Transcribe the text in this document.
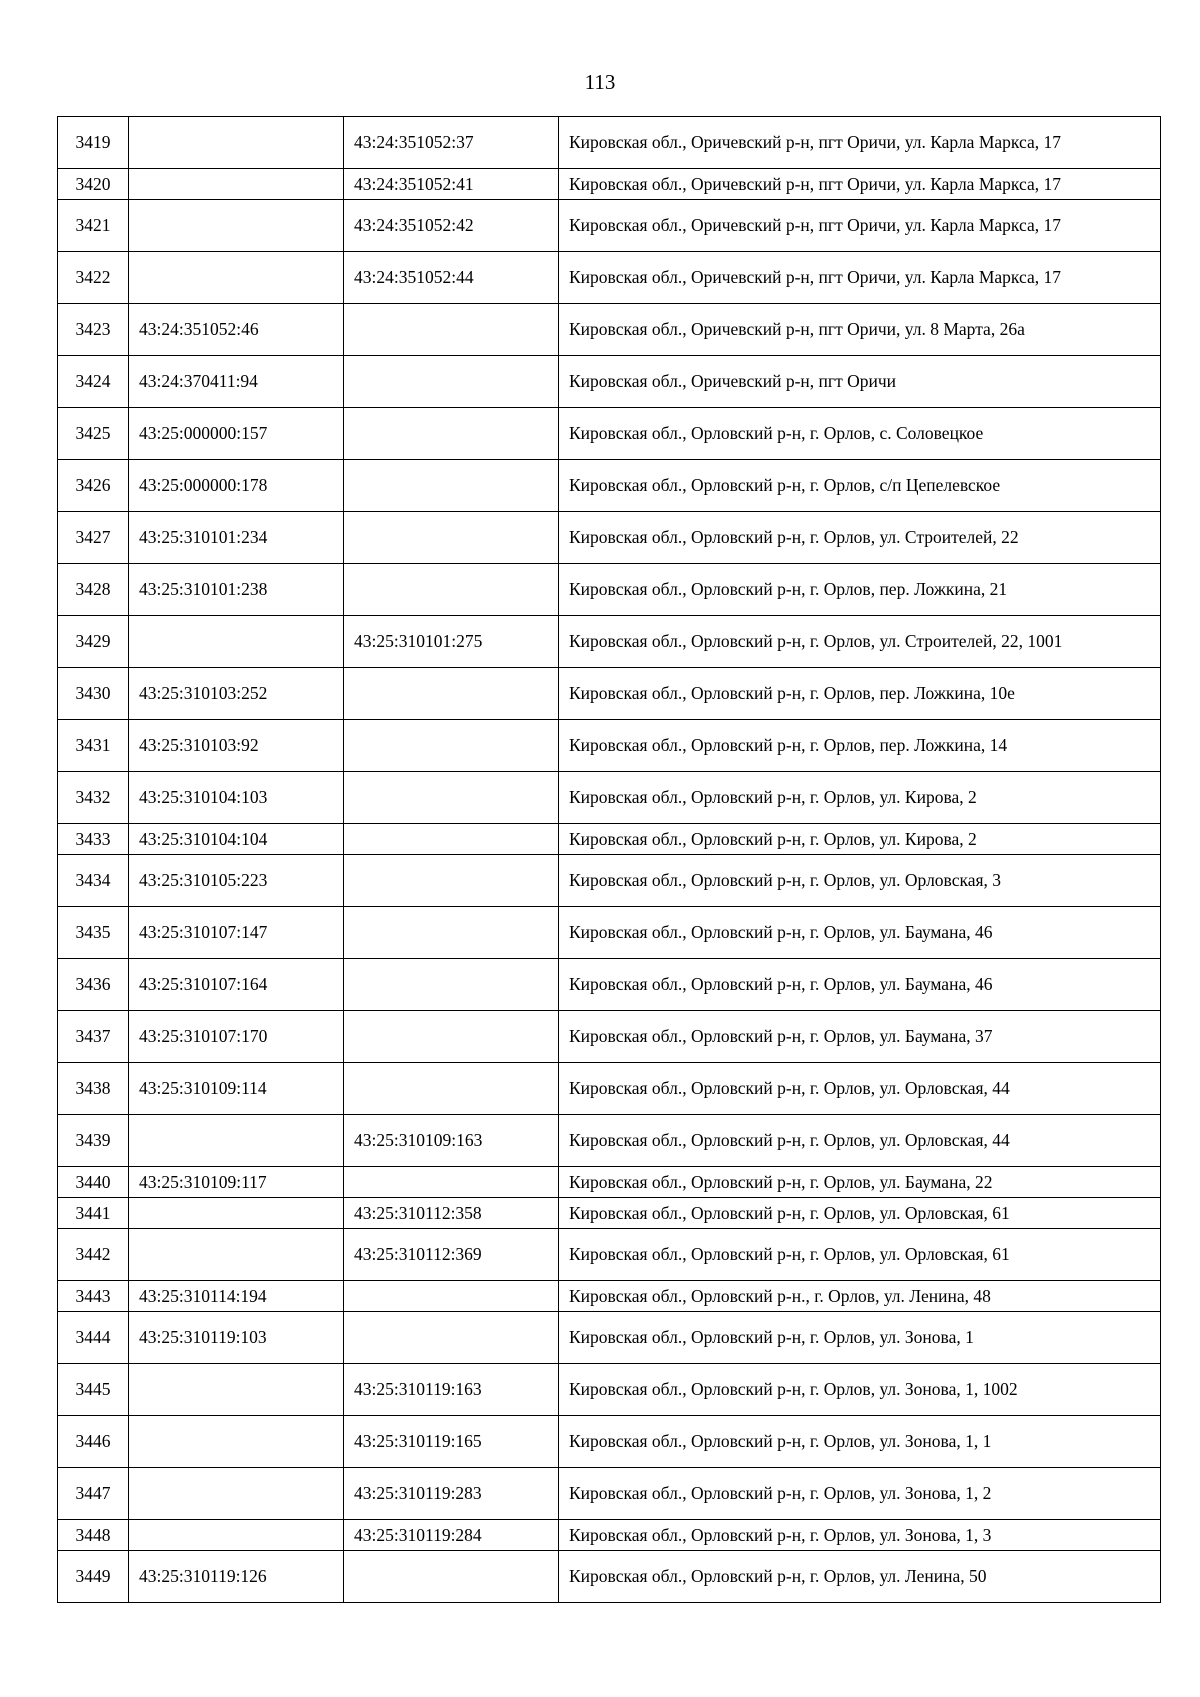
113
3419		43:24:351052:37	Кировская обл., Оричевский р-н, пгт Оричи, ул. Карла Маркса, 17
3420		43:24:351052:41	Кировская обл., Оричевский р-н, пгт Оричи, ул. Карла Маркса, 17
3421		43:24:351052:42	Кировская обл., Оричевский р-н, пгт Оричи, ул. Карла Маркса, 17
3422		43:24:351052:44	Кировская обл., Оричевский р-н, пгт Оричи, ул. Карла Маркса, 17
3423	43:24:351052:46		Кировская обл., Оричевский р-н, пгт Оричи, ул. 8 Марта, 26а
3424	43:24:370411:94		Кировская обл., Оричевский р-н, пгт Оричи
3425	43:25:000000:157		Кировская обл., Орловский р-н, г. Орлов, с. Соловецкое
3426	43:25:000000:178		Кировская обл., Орловский р-н, г. Орлов, с/п Цепелевское
3427	43:25:310101:234		Кировская обл., Орловский р-н, г. Орлов, ул. Строителей, 22
3428	43:25:310101:238		Кировская обл., Орловский р-н, г. Орлов, пер. Ложкина, 21
3429		43:25:310101:275	Кировская обл., Орловский р-н, г. Орлов, ул. Строителей, 22, 1001
3430	43:25:310103:252		Кировская обл., Орловский р-н, г. Орлов, пер. Ложкина, 10е
3431	43:25:310103:92		Кировская обл., Орловский р-н, г. Орлов, пер. Ложкина, 14
3432	43:25:310104:103		Кировская обл., Орловский р-н, г. Орлов, ул. Кирова, 2
3433	43:25:310104:104		Кировская обл., Орловский р-н, г. Орлов, ул. Кирова, 2
3434	43:25:310105:223		Кировская обл., Орловский р-н, г. Орлов, ул. Орловская, 3
3435	43:25:310107:147		Кировская обл., Орловский р-н, г. Орлов, ул. Баумана, 46
3436	43:25:310107:164		Кировская обл., Орловский р-н, г. Орлов, ул. Баумана, 46
3437	43:25:310107:170		Кировская обл., Орловский р-н, г. Орлов, ул. Баумана, 37
3438	43:25:310109:114		Кировская обл., Орловский р-н, г. Орлов, ул. Орловская, 44
3439		43:25:310109:163	Кировская обл., Орловский р-н, г. Орлов, ул. Орловская, 44
3440	43:25:310109:117		Кировская обл., Орловский р-н, г. Орлов, ул. Баумана, 22
3441		43:25:310112:358	Кировская обл., Орловский р-н, г. Орлов, ул. Орловская, 61
3442		43:25:310112:369	Кировская обл., Орловский р-н, г. Орлов, ул. Орловская, 61
3443	43:25:310114:194		Кировская обл., Орловский р-н., г. Орлов, ул. Ленина, 48
3444	43:25:310119:103		Кировская обл., Орловский р-н, г. Орлов, ул. Зонова, 1
3445		43:25:310119:163	Кировская обл., Орловский р-н, г. Орлов, ул. Зонова, 1, 1002
3446		43:25:310119:165	Кировская обл., Орловский р-н, г. Орлов, ул. Зонова, 1, 1
3447		43:25:310119:283	Кировская обл., Орловский р-н, г. Орлов, ул. Зонова, 1, 2
3448		43:25:310119:284	Кировская обл., Орловский р-н, г. Орлов, ул. Зонова, 1, 3
3449	43:25:310119:126		Кировская обл., Орловский р-н, г. Орлов, ул. Ленина, 50
